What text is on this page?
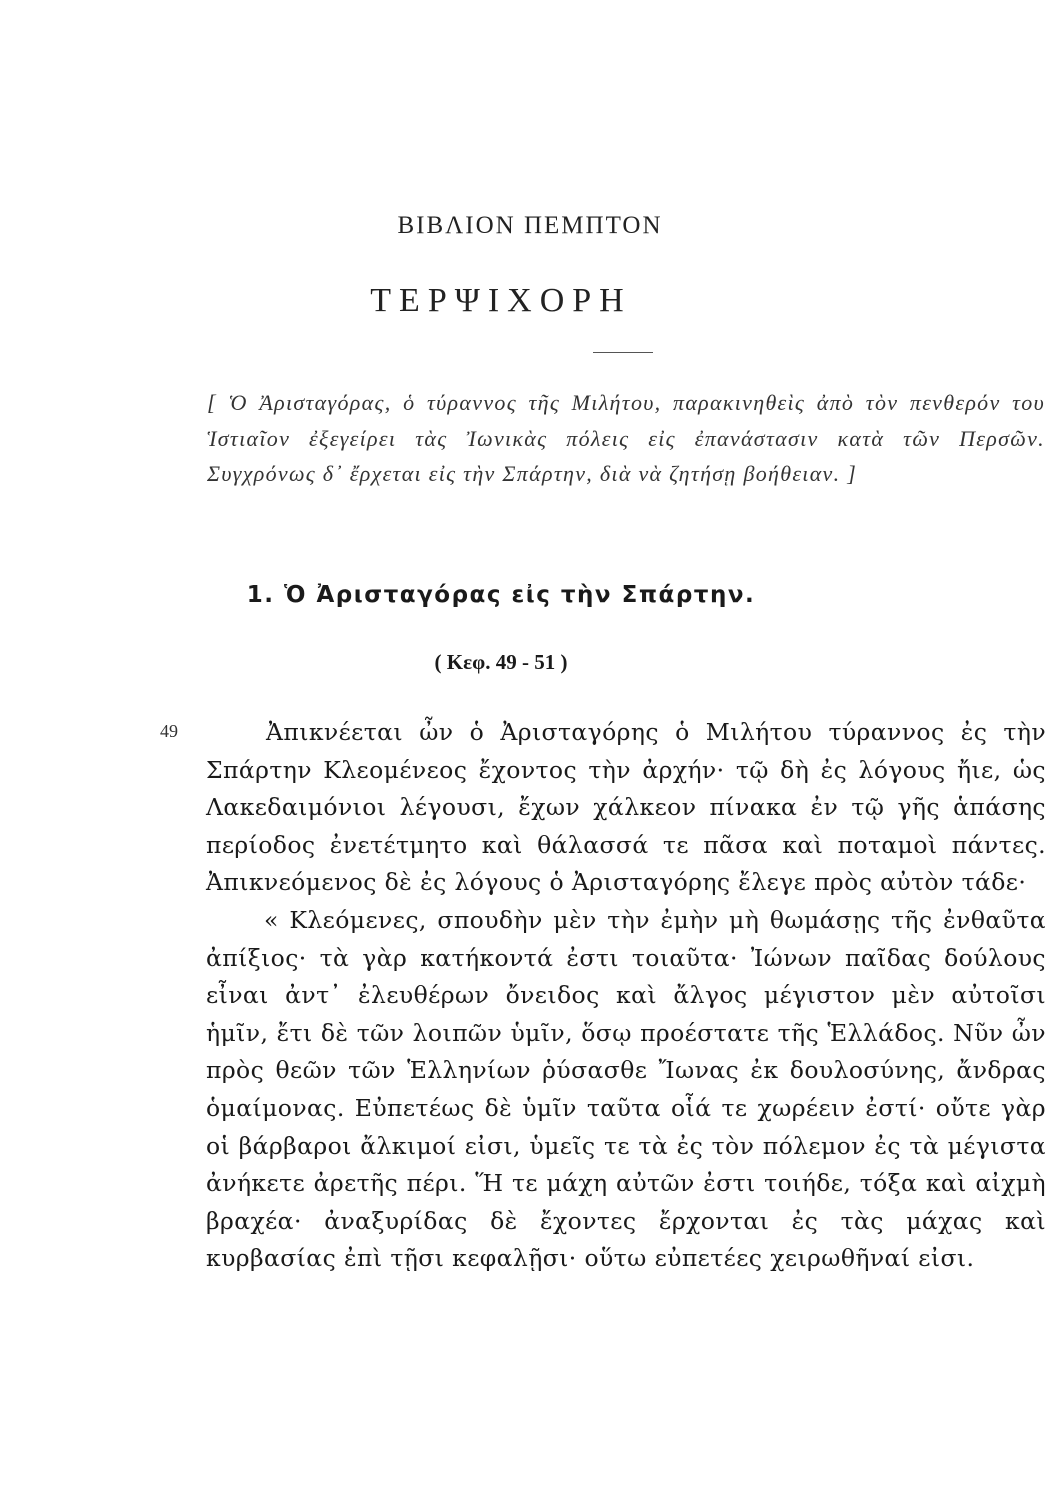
ΒΙΒΛΙΟΝ ΠΕΜΠΤΟΝ
ΤΕΡΨΙΧΟΡΗ
[ Ὁ Ἀρισταγόρας, ὁ τύραννος τῆς Μιλήτου, παρακινηθεὶς ἀπὸ τὸν πενθερόν του Ἱστιαῖον ἐξεγείρει τὰς Ἰωνικὰς πόλεις εἰς ἐπανάστασιν κατὰ τῶν Περσῶν. Συγχρόνως δ᾽ ἔρχεται εἰς τὴν Σπάρτην, διὰ νὰ ζητήσῃ βοήθειαν. ]
1. Ὁ Ἀρισταγόρας εἰς τὴν Σπάρτην.
( Κεφ. 49 - 51 )
49	Ἀπικνέεται ὦν ὁ Ἀρισταγόρης ὁ Μιλήτου τύραννος ἐς τὴν Σπάρτην Κλεομένεος ἔχοντος τὴν ἀρχήν· τῷ δὴ ἐς λόγους ἤιε, ὡς Λακεδαιμόνιοι λέγουσι, ἔχων χάλκεον πίνακα ἐν τῷ γῆς ἁπάσης περίοδος ἐνετέτμητο καὶ θάλασσά τε πᾶσα καὶ ποταμοὶ πάντες. Ἀπικνεόμενος δὲ ἐς λόγους ὁ Ἀρισταγόρης ἔλεγε πρὸς αὐτὸν τάδε·

« Κλεόμενες, σπουδὴν μὲν τὴν ἐμὴν μὴ θωμάσῃς τῆς ἐνθαῦτα ἀπίξιος· τὰ γὰρ κατήκοντά ἐστι τοιαῦτα· Ἰώνων παῖδας δούλους εἶναι ἀντ᾽ ἐλευθέρων ὄνειδος καὶ ἄλγος μέγιστον μὲν αὐτοῖσι ἡμῖν, ἔτι δὲ τῶν λοιπῶν ὑμῖν, ὅσῳ προέστατε τῆς Ἑλλάδος. Νῦν ὦν πρὸς θεῶν τῶν Ἑλληνίων ῥύσασθε Ἴωνας ἐκ δουλοσύνης, ἄνδρας ὁμαίμονας. Εὐπετέως δὲ ὑμῖν ταῦτα οἷά τε χωρέειν ἐστί· οὔτε γὰρ οἱ βάρβαροι ἄλκιμοί εἰσι, ὑμεῖς τε τὰ ἐς τὸν πόλεμον ἐς τὰ μέγιστα ἀνήκετε ἀρετῆς πέρι. Ἥ τε μάχη αὐτῶν ἐστι τοιήδε, τόξα καὶ αἰχμὴ βραχέα· ἀναξυρίδας δὲ ἔχοντες ἔρχονται ἐς τὰς μάχας καὶ κυρβασίας ἐπὶ τῇσι κεφαλῇσι· οὕτω εὐπετέες χειρωθῆναί εἰσι.
